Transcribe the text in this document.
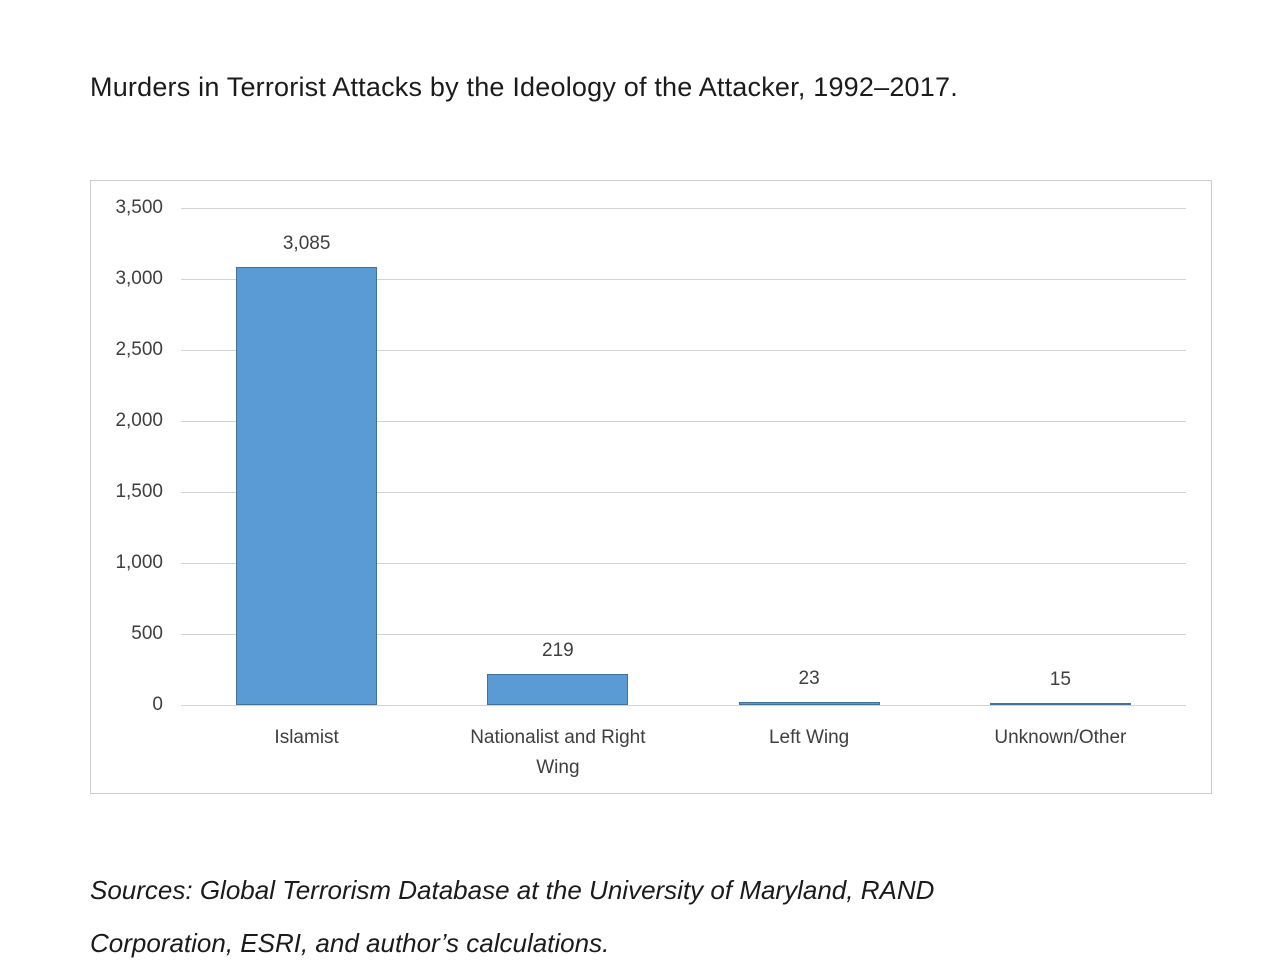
Murders in Terrorist Attacks by the Ideology of the Attacker, 1992–2017.
0
500
1,000
1,500
2,000
2,500
3,000
3,500
3,085
Islamist
219
Nationalist and Right Wing
23
Left Wing
15
Unknown/Other

Sources: Global Terrorism Database at the University of Maryland, RAND
Corporation, ESRI, and author’s calculations.
